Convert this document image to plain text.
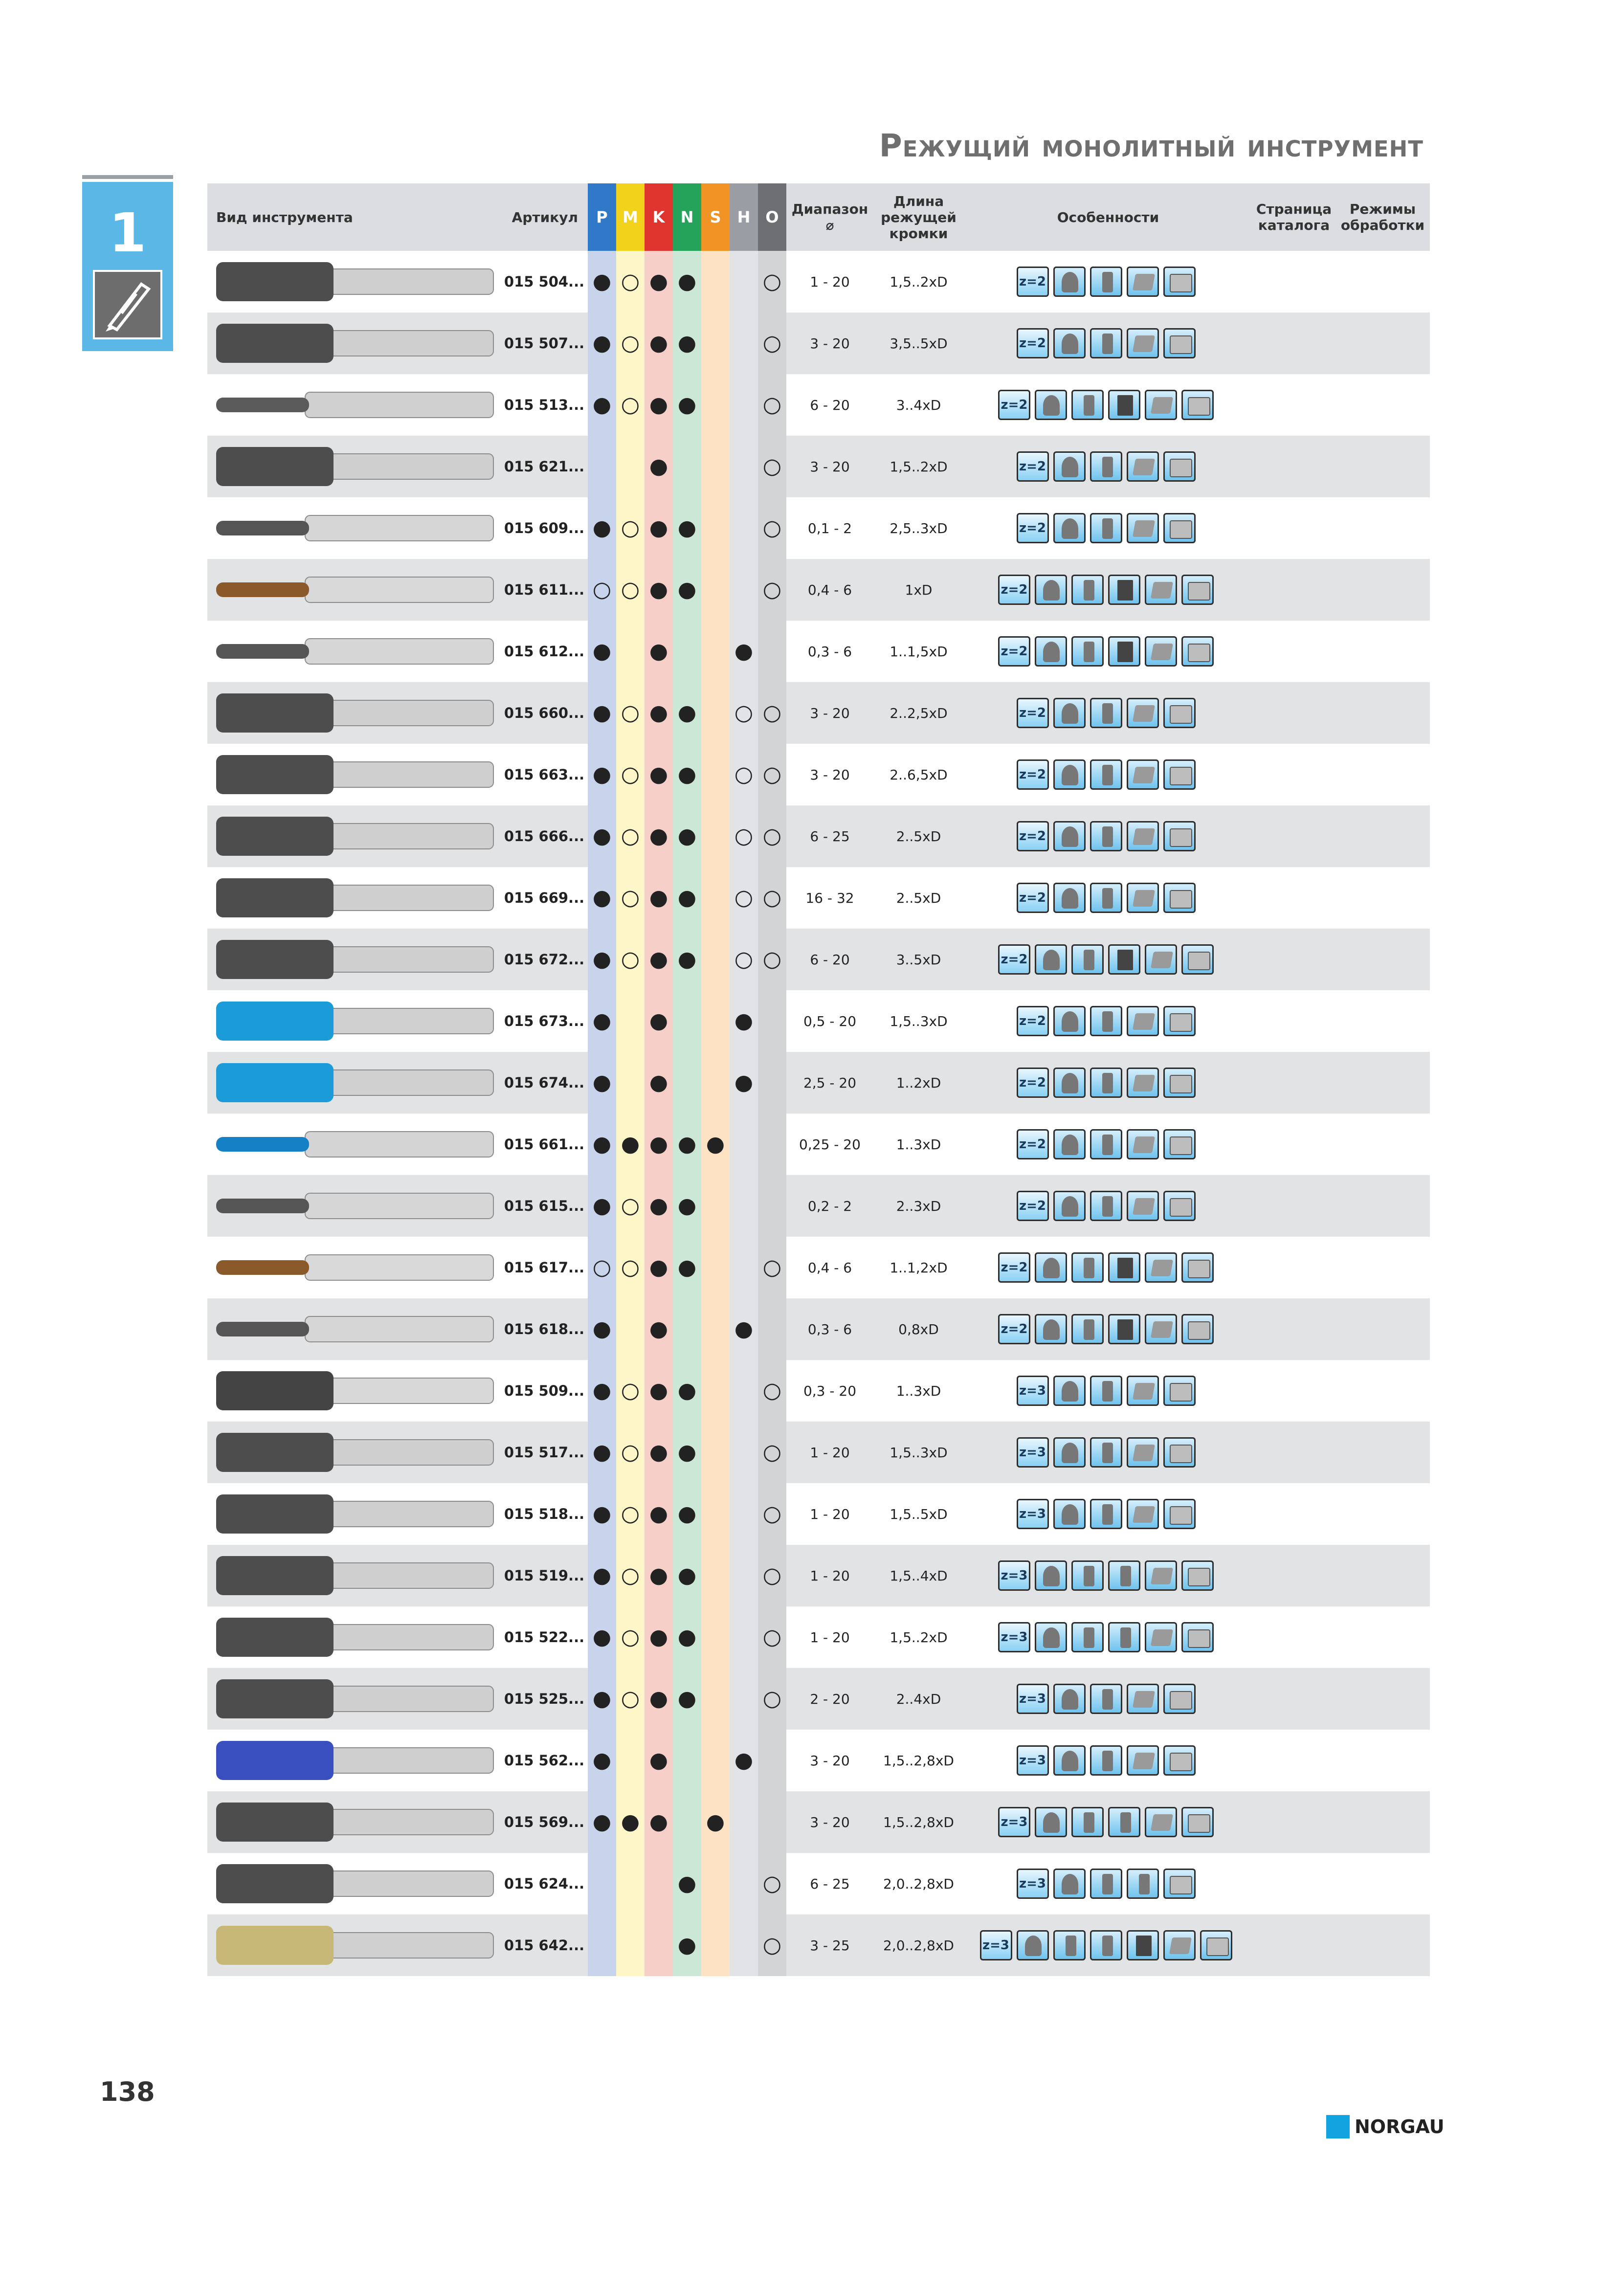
Режущий монолитный инструмент
1	Вид инструмента	Артикул	P	M	K	N	S	H	O	Диапазон ⌀	Длина режущей кромки	Особенности	Страница каталога	Режимы обработки

	015 504...	●	○	●	●			○	1 - 20	1,5..2xD	z=2

	015 507...	●	○	●	●			○	3 - 20	3,5..5xD	z=2

	015 513...	●	○	●	●			○	6 - 20	3..4xD	z=2

	015 621...			●				○	3 - 20	1,5..2xD	z=2

	015 609...	●	○	●	●			○	0,1 - 2	2,5..3xD	z=2

	015 611...	○	○	●	●			○	0,4 - 6	1xD	z=2

	015 612...	●		●			●		0,3 - 6	1..1,5xD	z=2

	015 660...	●	○	●	●		○	○	3 - 20	2..2,5xD	z=2

	015 663...	●	○	●	●		○	○	3 - 20	2..6,5xD	z=2

	015 666...	●	○	●	●		○	○	6 - 25	2..5xD	z=2

	015 669...	●	○	●	●		○	○	16 - 32	2..5xD	z=2

	015 672...	●	○	●	●		○	○	6 - 20	3..5xD	z=2

	015 673...	●		●			●		0,5 - 20	1,5..3xD	z=2

	015 674...	●		●			●		2,5 - 20	1..2xD	z=2

	015 661...	●	●	●	●	●			0,25 - 20	1..3xD	z=2

	015 615...	●	○	●	●				0,2 - 2	2..3xD	z=2

	015 617...	○	○	●	●			○	0,4 - 6	1..1,2xD	z=2

	015 618...	●		●			●		0,3 - 6	0,8xD	z=2

	015 509...	●	○	●	●			○	0,3 - 20	1..3xD	z=3

	015 517...	●	○	●	●			○	1 - 20	1,5..3xD	z=3

	015 518...	●	○	●	●			○	1 - 20	1,5..5xD	z=3

	015 519...	●	○	●	●			○	1 - 20	1,5..4xD	z=3

	015 522...	●	○	●	●			○	1 - 20	1,5..2xD	z=3

	015 525...	●	○	●	●			○	2 - 20	2..4xD	z=3

	015 562...	●		●			●		3 - 20	1,5..2,8xD	z=3

	015 569...	●	●	●		●			3 - 20	1,5..2,8xD	z=3

	015 624...				●			○	6 - 25	2,0..2,8xD	z=3

	015 642...				●			○	3 - 25	2,0..2,8xD	z=3

138
NORGAU
